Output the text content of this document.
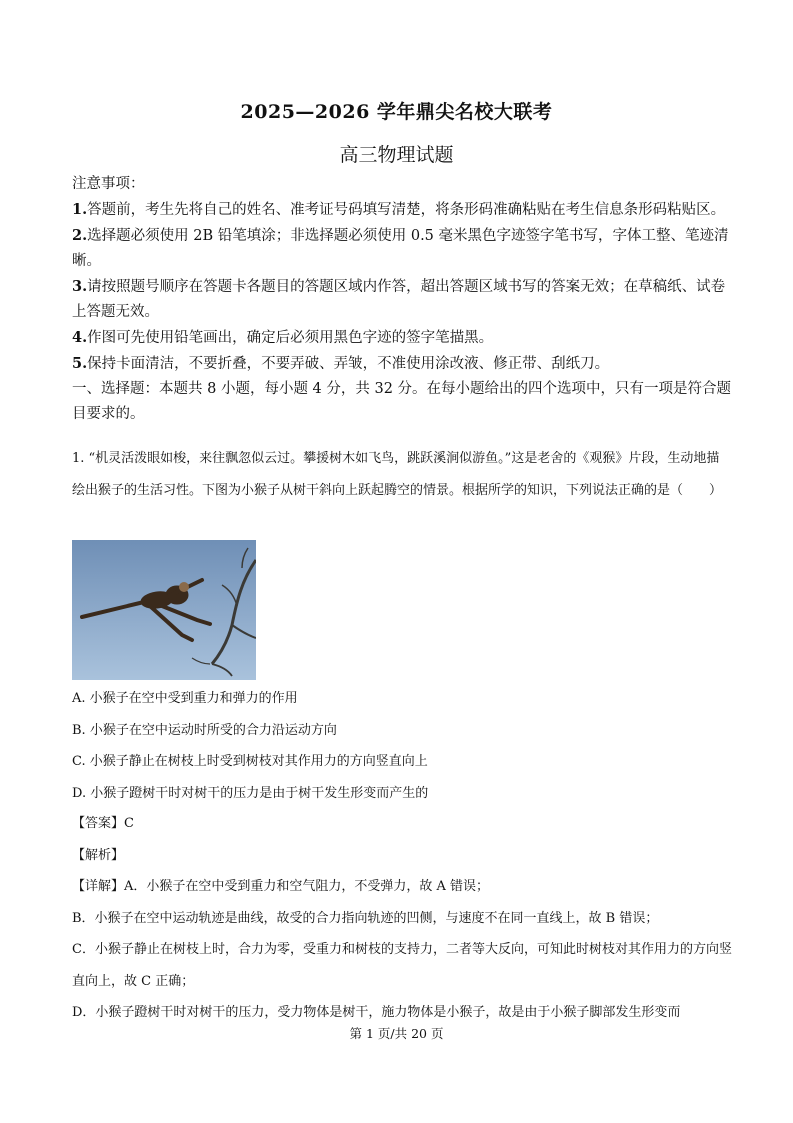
2025—2026 学年鼎尖名校大联考
高三物理试题

注意事项：

1.答题前，考生先将自己的姓名、准考证号码填写清楚，将条形码准确粘贴在考生信息条形码粘贴区。

2.选择题必须使用 2B 铅笔填涂；非选择题必须使用 0.5 毫米黑色字迹签字笔书写，字体工整、笔迹清晰。

3.请按照题号顺序在答题卡各题目的答题区域内作答，超出答题区域书写的答案无效；在草稿纸、试卷上答题无效。

4.作图可先使用铅笔画出，确定后必须用黑色字迹的签字笔描黑。

5.保持卡面清洁，不要折叠，不要弄破、弄皱，不准使用涂改液、修正带、刮纸刀。

一、选择题：本题共 8 小题，每小题 4 分，共 32 分。在每小题给出的四个选项中，只有一项是符合题目要求的。

1. “机灵活泼眼如梭，来往飘忽似云过。攀援树木如飞鸟，跳跃溪涧似游鱼。”这是老舍的《观猴》片段，生动地描绘出猴子的生活习性。下图为小猴子从树干斜向上跃起腾空的情景。根据所学的知识，下列说法正确的是（　　）

A. 小猴子在空中受到重力和弹力的作用

B. 小猴子在空中运动时所受的合力沿运动方向

C. 小猴子静止在树枝上时受到树枝对其作用力的方向竖直向上

D. 小猴子蹬树干时对树干的压力是由于树干发生形变而产生的

【答案】C

【解析】

【详解】A．小猴子在空中受到重力和空气阻力，不受弹力，故 A 错误；

B．小猴子在空中运动轨迹是曲线，故受的合力指向轨迹的凹侧，与速度不在同一直线上，故 B 错误；

C．小猴子静止在树枝上时，合力为零，受重力和树枝的支持力，二者等大反向，可知此时树枝对其作用力的方向竖直向上，故 C 正确；

D．小猴子蹬树干时对树干的压力，受力物体是树干，施力物体是小猴子，故是由于小猴子脚部发生形变而

第 1 页/共 20 页
